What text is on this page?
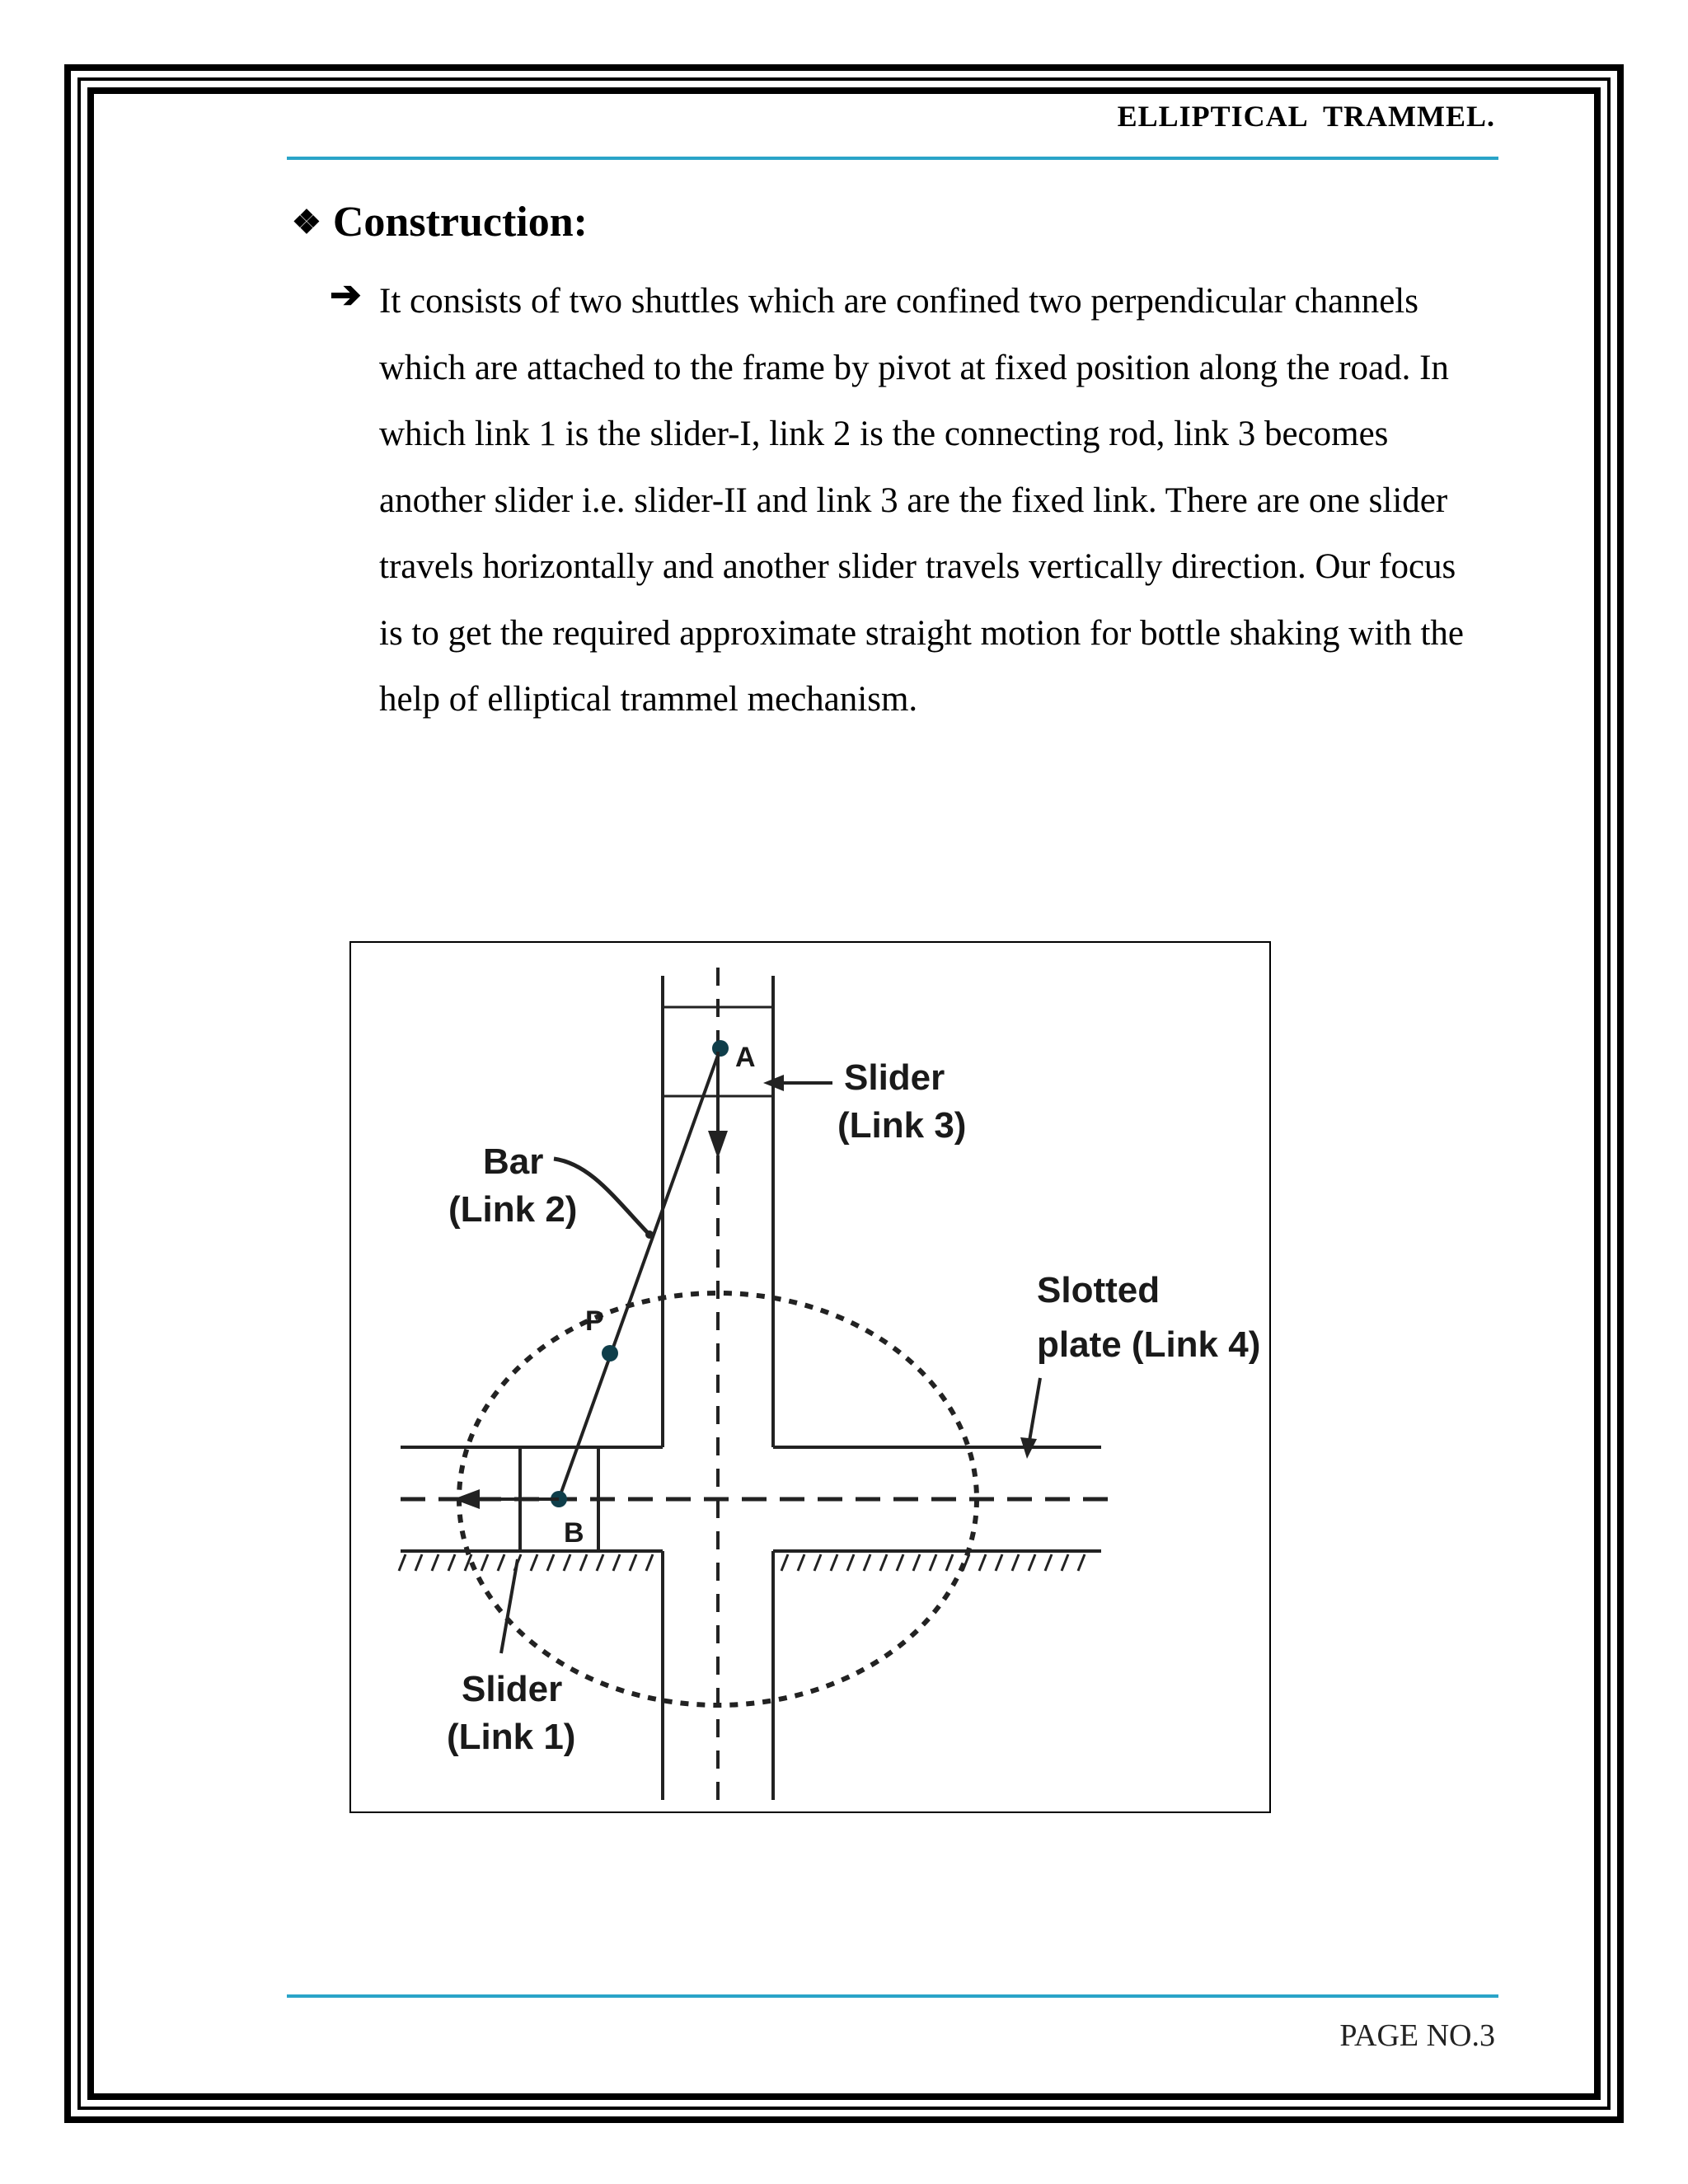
ELLIPTICAL  TRAMMEL.

❖ Construction:
➔ It consists of two shuttles which are confined two perpendicular channels which are attached to the frame by pivot at fixed position along the road. In which link 1 is the slider-I, link 2 is the connecting rod, link 3 becomes another slider i.e. slider-II and link 3 are the fixed link. There are one slider travels horizontally and another slider travels vertically direction. Our focus is to get the required approximate straight motion for bottle shaking with the help of elliptical trammel mechanism.

A
P
B
Slider
(Link 3)
Bar
(Link 2)
Slotted
plate (Link 4)
Slider
(Link 1)

PAGE NO.3
